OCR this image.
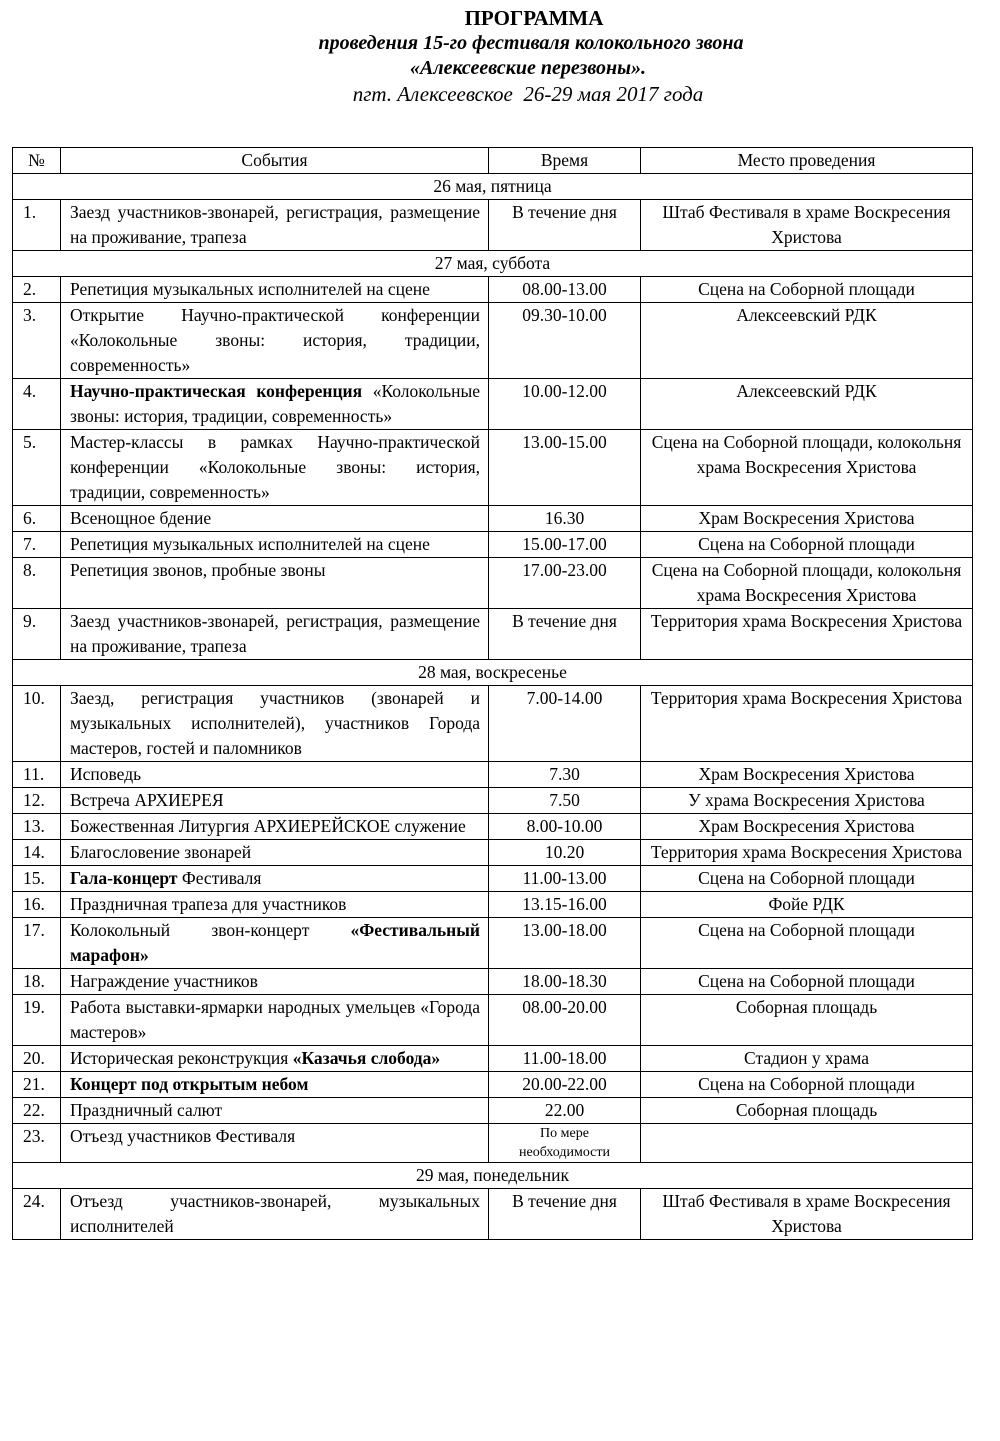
ПРОГРАММА
проведения 15-го фестиваля колокольного звона
«Алексеевские перезвоны».
пгт. Алексеевское  26-29 мая 2017 года
№	События	Время	Место проведения
26 мая, пятница			
1.	Заезд участников-звонарей, регистрация, размещение на проживание, трапеза	В течение дня	Штаб Фестиваля в храме Воскресения Христова
27 мая, суббота			
2.	Репетиция музыкальных исполнителей на сцене	08.00-13.00	Сцена на Соборной площади
3.	Открытие Научно-практической конференции «Колокольные звоны: история, традиции, современность»	09.30-10.00	Алексеевский РДК
4.	Научно-практическая конференция «Колокольные звоны: история, традиции, современность»	10.00-12.00	Алексеевский РДК
5.	Мастер-классы в рамках Научно-практической конференции «Колокольные звоны: история, традиции, современность»	13.00-15.00	Сцена на Соборной площади, колокольня храма Воскресения Христова
6.	Всенощное бдение	16.30	Храм Воскресения Христова
7.	Репетиция музыкальных исполнителей на сцене	15.00-17.00	Сцена на Соборной площади
8.	Репетиция звонов, пробные звоны	17.00-23.00	Сцена на Соборной площади, колокольня храма Воскресения Христова
9.	Заезд участников-звонарей, регистрация, размещение на проживание, трапеза	В течение дня	Территория храма Воскресения Христова
28 мая, воскресенье			
10.	Заезд, регистрация участников (звонарей и музыкальных исполнителей), участников Города мастеров, гостей и паломников	7.00-14.00	Территория храма Воскресения Христова
11.	Исповедь	7.30	Храм Воскресения Христова
12.	Встреча АРХИЕРЕЯ	7.50	У храма Воскресения Христова
13.	Божественная Литургия АРХИЕРЕЙСКОЕ служение	8.00-10.00	Храм Воскресения Христова
14.	Благословение звонарей	10.20	Территория храма Воскресения Христова
15.	Гала-концерт Фестиваля	11.00-13.00	Сцена на Соборной площади
16.	Праздничная трапеза для участников	13.15-16.00	Фойе РДК
17.	Колокольный звон-концерт «Фестивальный марафон»	13.00-18.00	Сцена на Соборной площади
18.	Награждение участников	18.00-18.30	Сцена на Соборной площади
19.	Работа выставки-ярмарки народных умельцев «Города мастеров»	08.00-20.00	Соборная площадь
20.	Историческая реконструкция «Казачья слобода»	11.00-18.00	Стадион у храма
21.	Концерт под открытым небом	20.00-22.00	Сцена на Соборной площади
22.	Праздничный салют	22.00	Соборная площадь
23.	Отъезд участников Фестиваля	По мере необходимости	
29 мая, понедельник			
24.	Отъезд участников-звонарей, музыкальных исполнителей	В течение дня	Штаб Фестиваля в храме Воскресения Христова
